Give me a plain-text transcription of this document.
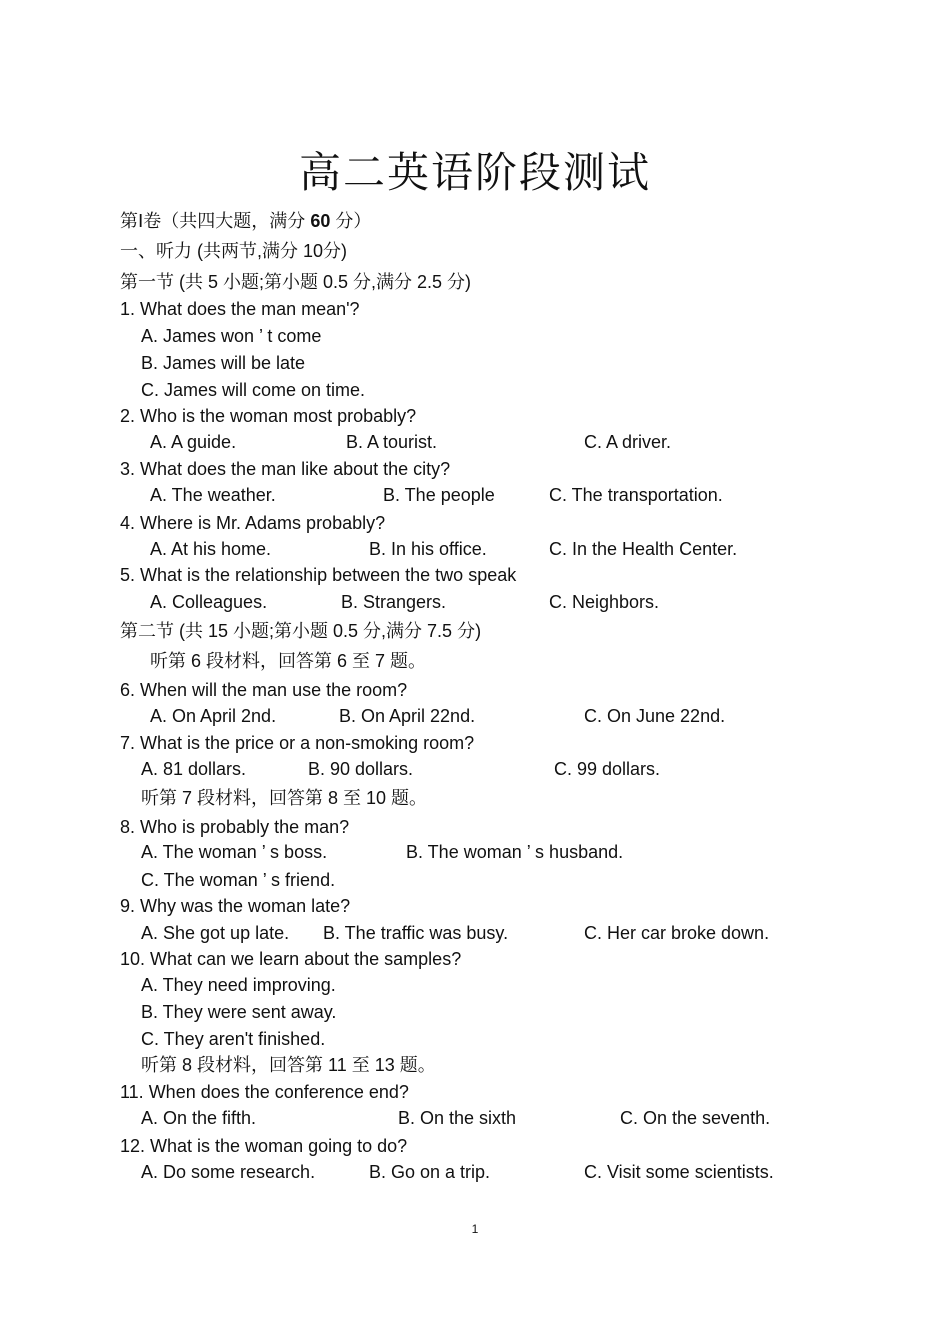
高二英语阶段测试
第Ⅰ卷（共四大题，满分 60 分）
一、听力 (共两节,满分 10分)
第一节 (共 5 小题;第小题 0.5 分,满分 2.5 分)
1. What does the man mean'?
A. James won ’ t come
B. James will be late
C. James will come on time.
2. Who is the woman most probably?
A. A guide.	B. A tourist.	C. A driver.
3. What does the man like about the city?
A. The weather.	B. The people	C. The transportation.
4. Where is Mr. Adams probably?
A. At his home.	B. In his office.	C. In the Health Center.
5. What is the relationship between the two speak
A. Colleagues.	B. Strangers.	C. Neighbors.
第二节 (共 15 小题;第小题 0.5 分,满分 7.5 分)
听第 6 段材料，回答第 6 至 7 题。
6. When will the man use the room?
A. On April 2nd.	B. On April 22nd.	C. On June 22nd.
7. What is the price or a non-smoking room?
A. 81 dollars.	B. 90 dollars.	C. 99 dollars.
听第 7 段材料，回答第 8 至 10 题。
8. Who is probably the man?
A. The woman ’ s boss.	B. The woman ’ s husband.
C. The woman ’ s friend.
9. Why was the woman late?
A. She got up late. B. The traffic was busy.	C. Her car broke down.
10. What can we learn about the samples?
A. They need improving.
B. They were sent away.
C. They aren't finished.
听第 8 段材料，回答第 11 至 13 题。
11. When does the conference end?
A. On the fifth.	B. On the sixth	C. On the seventh.
12. What is the woman going to do?
A. Do some research.	B. Go on a trip.	C. Visit some scientists.
1
